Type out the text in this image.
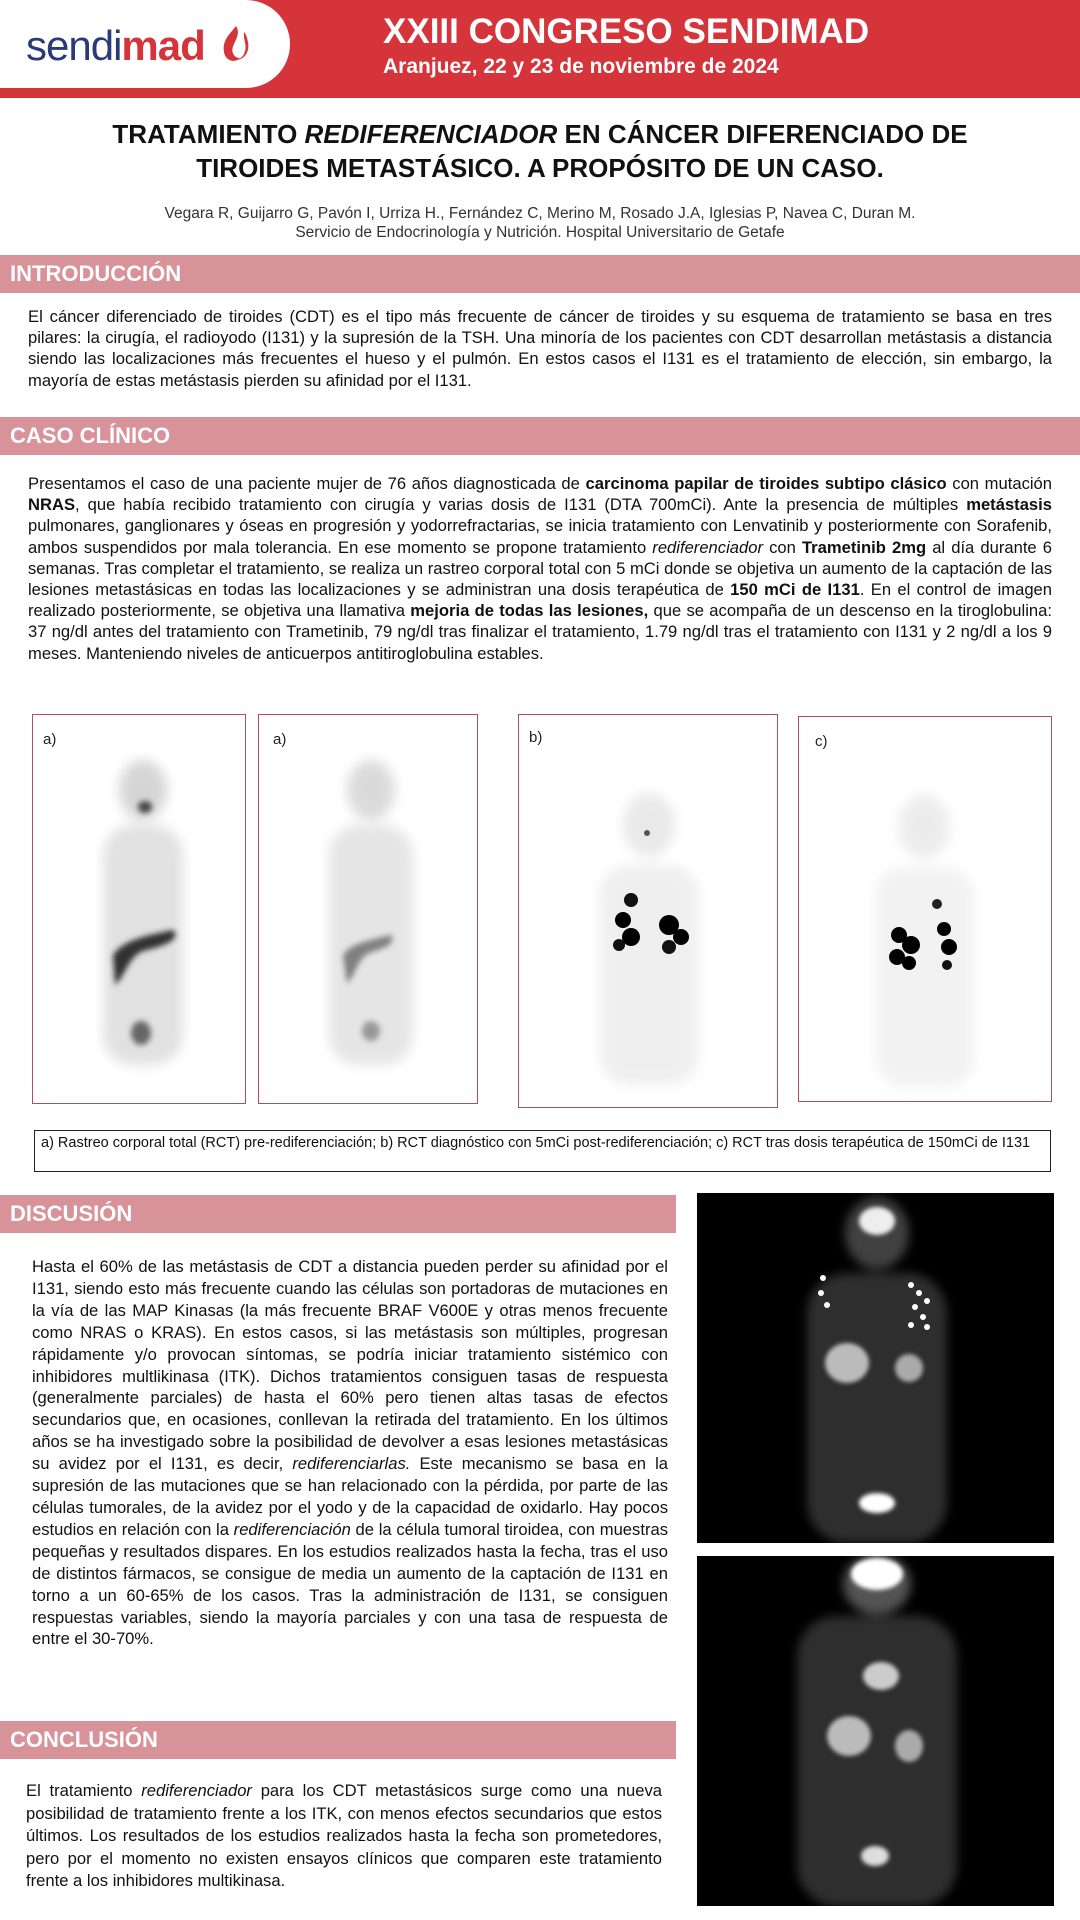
sendimad	XXIII CONGRESO SENDIMAD
Aranjuez, 22 y 23 de noviembre de 2024
TRATAMIENTO REDIFERENCIADOR EN CÁNCER DIFERENCIADO DE
TIROIDES METASTÁSICO. A PROPÓSITO DE UN CASO.
Vegara R, Guijarro G, Pavón I, Urriza H., Fernández C, Merino M, Rosado J.A, Iglesias P, Navea C, Duran M.
Servicio de Endocrinología y Nutrición. Hospital Universitario de Getafe
INTRODUCCIÓN
El cáncer diferenciado de tiroides (CDT) es el tipo más frecuente de cáncer de tiroides y su esquema de tratamiento se basa en tres pilares: la cirugía, el radioyodo (I131) y la supresión de la TSH. Una minoría de los pacientes con CDT desarrollan metástasis a distancia siendo las localizaciones más frecuentes el hueso y el pulmón. En estos casos el I131 es el tratamiento de elección, sin embargo, la mayoría de estas metástasis pierden su afinidad por el I131.
CASO CLÍNICO
Presentamos el caso de una paciente mujer de 76 años diagnosticada de carcinoma papilar de tiroides subtipo clásico con mutación NRAS, que había recibido tratamiento con cirugía y varias dosis de I131 (DTA 700mCi). Ante la presencia de múltiples metástasis pulmonares, ganglionares y óseas en progresión y yodorrefractarias, se inicia tratamiento con Lenvatinib y posteriormente con Sorafenib, ambos suspendidos por mala tolerancia. En ese momento se propone tratamiento rediferenciador con Trametinib 2mg al día durante 6 semanas. Tras completar el tratamiento, se realiza un rastreo corporal total con 5 mCi donde se objetiva un aumento de la captación de las lesiones metastásicas en todas las localizaciones y se administran una dosis terapéutica de 150 mCi de I131. En el control de imagen realizado posteriormente, se objetiva una llamativa mejoria de todas las lesiones, que se acompaña de un descenso en la tiroglobulina: 37 ng/dl antes del tratamiento con Trametinib, 79 ng/dl tras finalizar el tratamiento, 1.79 ng/dl tras el tratamiento con I131 y 2 ng/dl a los 9 meses. Manteniendo niveles de anticuerpos antitiroglobulina estables.
a)	a)	b)	c)
a) Rastreo corporal total (RCT) pre-rediferenciación; b) RCT diagnóstico con 5mCi post-rediferenciación; c) RCT tras dosis terapéutica de 150mCi de I131
DISCUSIÓN
Hasta el 60% de las metástasis de CDT a distancia pueden perder su afinidad por el I131, siendo esto más frecuente cuando las células son portadoras de mutaciones en la vía de las MAP Kinasas (la más frecuente BRAF V600E y otras menos frecuente como NRAS o KRAS). En estos casos, si las metástasis son múltiples, progresan rápidamente y/o provocan síntomas, se podría iniciar tratamiento sistémico con inhibidores multlikinasa (ITK). Dichos tratamientos consiguen tasas de respuesta (generalmente parciales) de hasta el 60% pero tienen altas tasas de efectos secundarios que, en ocasiones, conllevan la retirada del tratamiento. En los últimos años se ha investigado sobre la posibilidad de devolver a esas lesiones metastásicas su avidez por el I131, es decir, rediferenciarlas. Este mecanismo se basa en la supresión de las mutaciones que se han relacionado con la pérdida, por parte de las células tumorales, de la avidez por el yodo y de la capacidad de oxidarlo. Hay pocos estudios en relación con la rediferenciación de la célula tumoral tiroidea, con muestras pequeñas y resultados dispares. En los estudios realizados hasta la fecha, tras el uso de distintos fármacos, se consigue de media un aumento de la captación de I131 en torno a un 60-65% de los casos. Tras la administración de I131, se consiguen respuestas variables, siendo la mayoría parciales y con una tasa de respuesta de entre el 30-70%.
CONCLUSIÓN
El tratamiento rediferenciador para los CDT metastásicos surge como una nueva posibilidad de tratamiento frente a los ITK, con menos efectos secundarios que estos últimos. Los resultados de los estudios realizados hasta la fecha son prometedores, pero por el momento no existen ensayos clínicos que comparen este tratamiento frente a los inhibidores multikinasa.
